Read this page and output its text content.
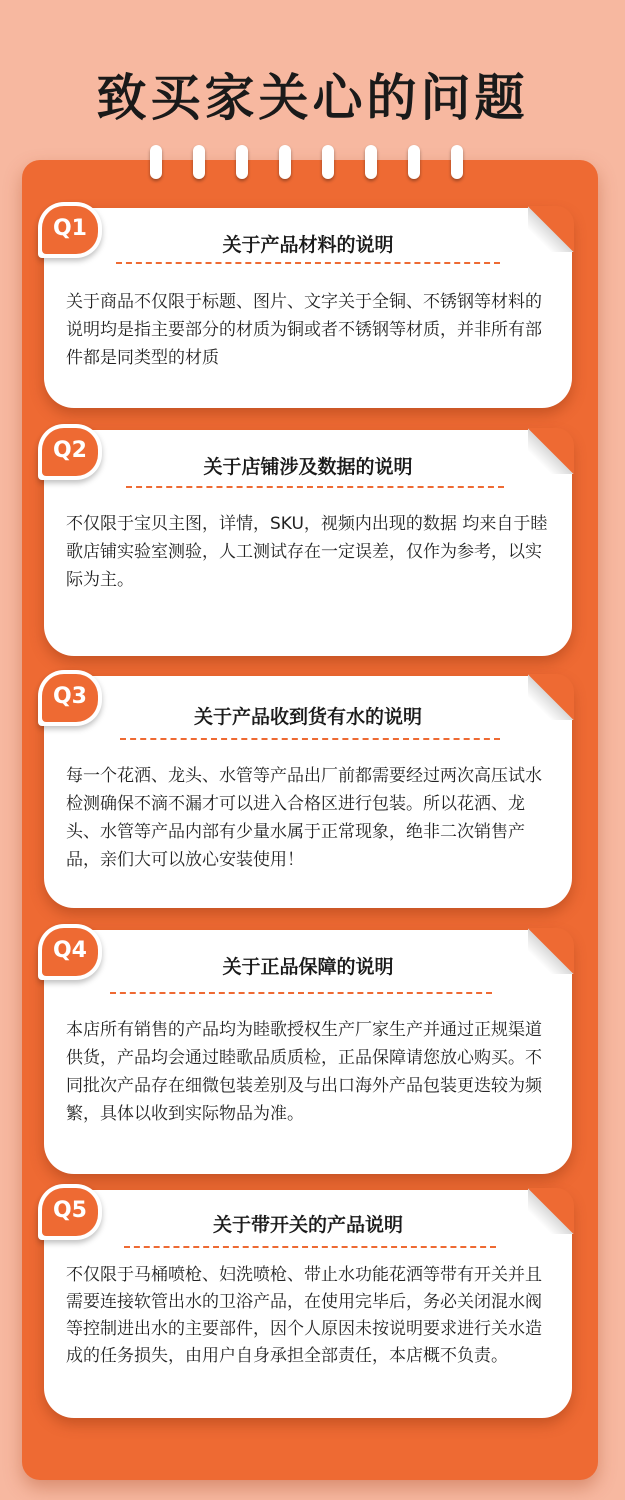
致买家关心的问题
Q1
关于产品材料的说明
关于商品不仅限于标题、图片、文字关于全铜、不锈钢等材料的说明均是指主要部分的材质为铜或者不锈钢等材质，并非所有部件都是同类型的材质
Q2
关于店铺涉及数据的说明
不仅限于宝贝主图，详情，SKU，视频内出现的数据 均来自于睦歌店铺实验室测验，人工测试存在一定误差，仅作为参考，以实际为主。
Q3
关于产品收到货有水的说明
每一个花洒、龙头、水管等产品出厂前都需要经过两次高压试水检测确保不滴不漏才可以进入合格区进行包装。所以花洒、龙头、水管等产品内部有少量水属于正常现象，绝非二次销售产品，亲们大可以放心安装使用！
Q4
关于正品保障的说明
本店所有销售的产品均为睦歌授权生产厂家生产并通过正规渠道供货，产品均会通过睦歌品质质检，正品保障请您放心购买。不同批次产品存在细微包装差别及与出口海外产品包装更迭较为频繁，具体以收到实际物品为准。
Q5
关于带开关的产品说明
不仅限于马桶喷枪、妇洗喷枪、带止水功能花洒等带有开关并且需要连接软管出水的卫浴产品，在使用完毕后，务必关闭混水阀等控制进出水的主要部件，因个人原因未按说明要求进行关水造成的任务损失，由用户自身承担全部责任，本店概不负责。
